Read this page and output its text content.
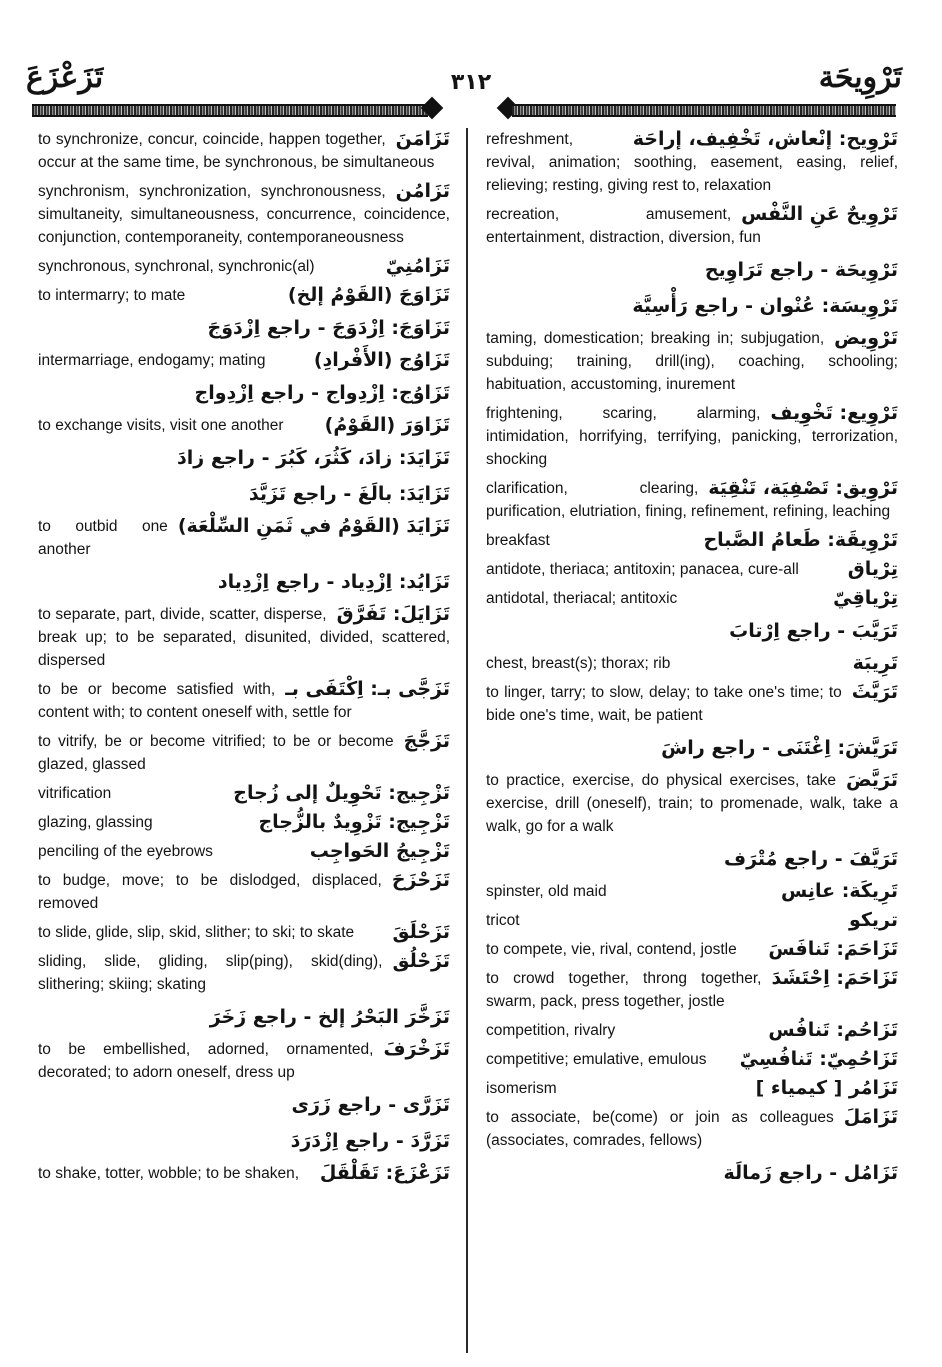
تَزَعْزَعَ	٣١٢	تَرْوِيحَة
تَزَامَنَ
to synchronize, concur, coincide, happen together, occur at the same time, be synchronous, be simultaneous
تَزَامُن
synchronism, synchronization, synchronousness, simultaneity, simultaneousness, concurrence, coincidence, conjunction, contemporaneity, contemporaneousness
تَزَامُنِيّ
synchronous, synchronal, synchronic(al)
تَزَاوَجَ (القَوْمُ إلخ)
to intermarry; to mate
تَزَاوَجَ: اِزْدَوَجَ - راجع اِزْدَوَجَ
تَزَاوُج (الأَفْرادِ)
intermarriage, endogamy; mating
تَزَاوُج: اِزْدِواج - راجع اِزْدِواج
تَزَاوَرَ (القَوْمُ)
to exchange visits, visit one another
تَزَايَدَ: زادَ، كَثُرَ، كَبُرَ - راجع زادَ
تَزَايَدَ: بالَغَ - راجع تَزَيَّدَ
تَزَايَدَ (القَوْمُ في ثَمَنِ السِّلْعَة)
to outbid one another
تَزَايُد: اِزْدِياد - راجع اِزْدِياد
تَزَايَلَ: تَفَرَّقَ
to separate, part, divide, scatter, disperse, break up; to be separated, disunited, divided, scattered, dispersed
تَزَجَّى بـ: اِكْتَفَى بـ
to be or become satisfied with, content with; to content oneself with, settle for
تَزَجَّجَ
to vitrify, be or become vitrified; to be or become glazed, glassed
تَزْجِيج: تَحْوِيلٌ إلى زُجاج
vitrification
تَزْجِيج: تَزْوِيدٌ بالزُّجاج
glazing, glassing
تَزْجِيجُ الحَواجِب
penciling of the eyebrows
تَزَحْزَحَ
to budge, move; to be dislodged, displaced, removed
تَزَحْلَقَ
to slide, glide, slip, skid, slither; to ski; to skate
تَزَحْلُق
sliding, slide, gliding, slip(ping), skid(ding), slithering; skiing; skating
تَزَخَّرَ البَحْرُ إلخ - راجع زَخَرَ
تَزَخْرَفَ
to be embellished, adorned, ornamented, decorated; to adorn oneself, dress up
تَزَرَّى - راجع زَرَى
تَزَرَّدَ - راجع اِزْدَرَدَ
تَزَعْزَعَ: تَقَلْقَلَ
to shake, totter, wobble; to be shaken,
تَرْوِيح: إنْعاش، تَخْفِيف، إراحَة
refreshment, revival, animation; soothing, easement, easing, relief, relieving; resting, giving rest to, relaxation
تَرْوِيحٌ عَنِ النَّفْس
recreation, amusement, entertainment, distraction, diversion, fun
تَرْوِيحَة - راجع تَرَاوِيح
تَرْوِيسَة: عُنْوان - راجع رَأْسِيَّة
تَرْوِيض
taming, domestication; breaking in; subjugation, subduing; training, drill(ing), coaching, schooling; habituation, accustoming, inurement
تَرْوِيع: تَخْوِيف
frightening, scaring, alarming, intimidation, horrifying, terrifying, panicking, terrorization, shocking
تَرْوِيق: تَصْفِيَة، تَنْقِيَة
clarification, clearing, purification, elutriation, fining, refinement, refining, leaching
تَرْوِيقَة: طَعامُ الصَّباح
breakfast
تِرْياق
antidote, theriaca; antitoxin; panacea, cure-all
تِرْياقِيّ
antidotal, theriacal; antitoxic
تَرَيَّبَ - راجع اِرْتابَ
تَرِيبَة
chest, breast(s); thorax; rib
تَرَيَّثَ
to linger, tarry; to slow, delay; to take one's time; to bide one's time, wait, be patient
تَرَيَّشَ: اِغْتَنَى - راجع راشَ
تَرَيَّضَ
to practice, exercise, do physical exercises, take exercise, drill (oneself), train; to promenade, walk, take a walk, go for a walk
تَرَيَّفَ - راجع مُتْرَف
تَرِيكَة: عانِس
spinster, old maid
تريكو
tricot
تَزَاحَمَ: تَنافَسَ
to compete, vie, rival, contend, jostle
تَزَاحَمَ: اِحْتَشَدَ
to crowd together, throng together, swarm, pack, press together, jostle
تَزَاحُم: تَنافُس
competition, rivalry
تَزَاحُمِيّ: تَنافُسِيّ
competitive; emulative, emulous
تَزَامُر [ كيمياء ]
isomerism
تَزَامَلَ
to associate, be(come) or join as colleagues (associates, comrades, fellows)
تَزَامُل - راجع زَمالَة
